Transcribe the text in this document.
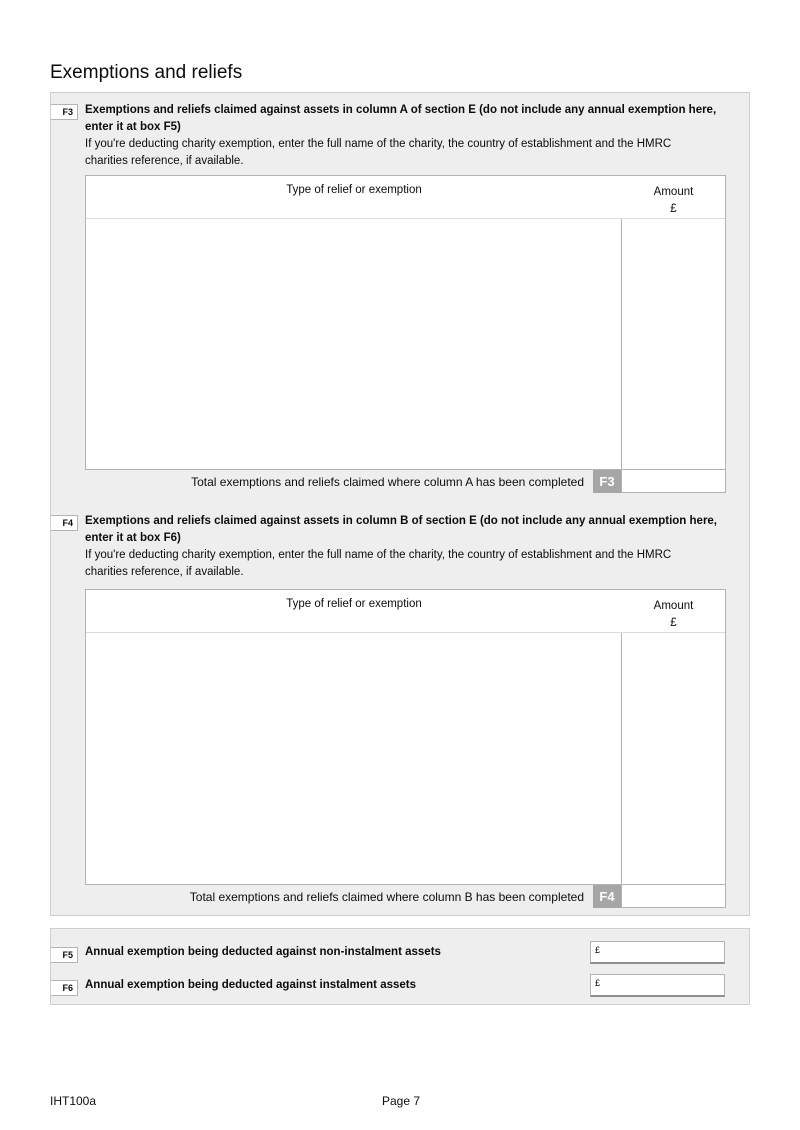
Exemptions and reliefs
F3	Exemptions and reliefs claimed against assets in column A of section E (do not include any annual exemption here, enter it at box F5)
If you're deducting charity exemption, enter the full name of the charity, the country of establishment and the HMRC charities reference, if available.
Type of relief or exemption	Amount
£
Total exemptions and reliefs claimed where column A has been completed	F3
F4	Exemptions and reliefs claimed against assets in column B of section E (do not include any annual exemption here, enter it at box F6)
If you're deducting charity exemption, enter the full name of the charity, the country of establishment and the HMRC charities reference, if available.
Type of relief or exemption	Amount
£
Total exemptions and reliefs claimed where column B has been completed	F4
F5	Annual exemption being deducted against non-instalment assets	£
F6	Annual exemption being deducted against instalment assets	£
IHT100a	Page 7
